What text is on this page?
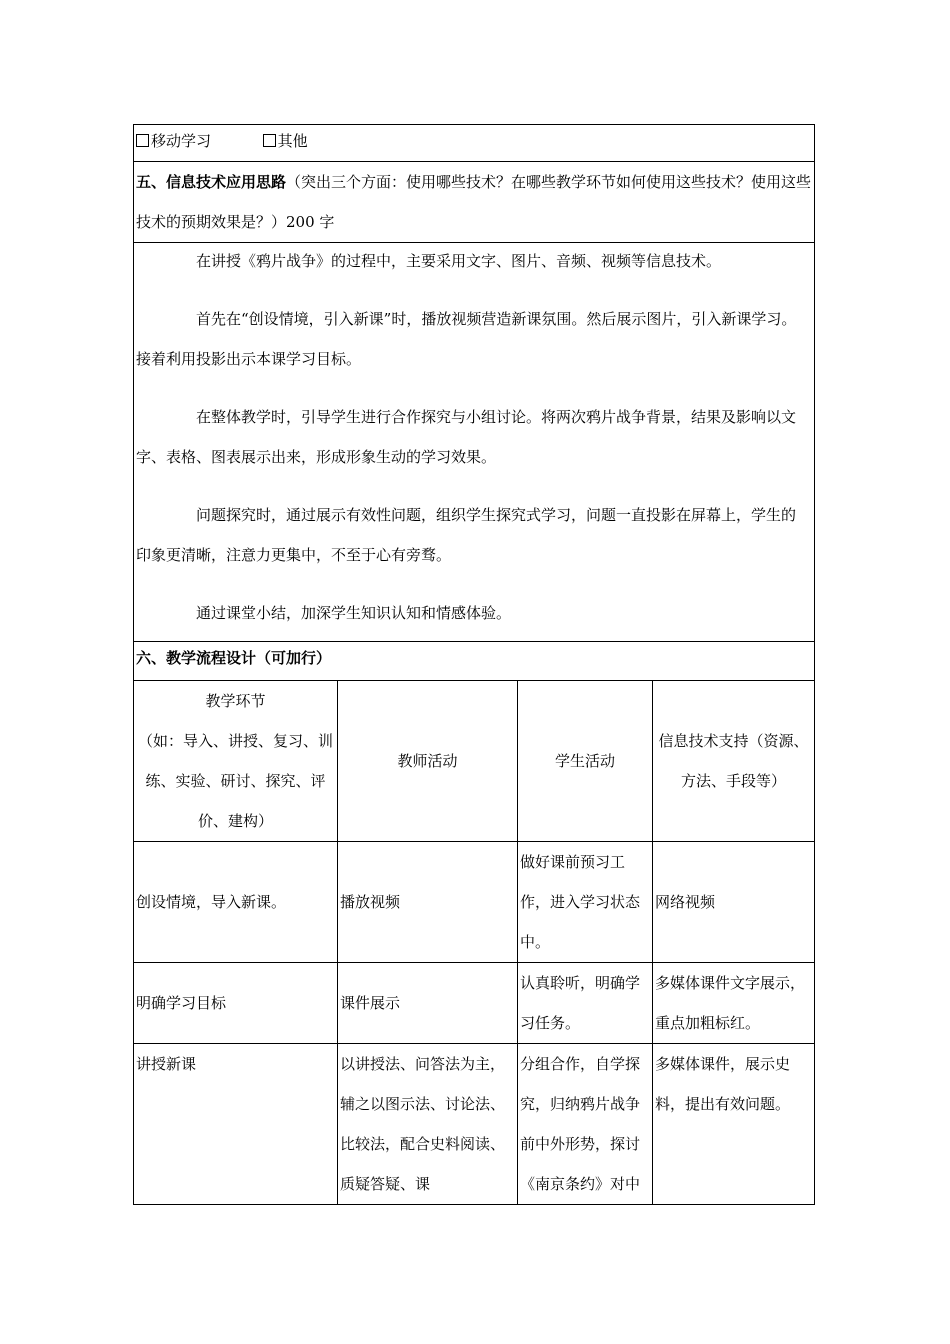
移动学习 其他			

五、信息技术应用思路（突出三个方面：使用哪些技术？在哪些教学环节如何使用这些技术？使用这些技术的预期效果是？）200 字			

在讲授《鸦片战争》的过程中，主要采用文字、图片、音频、视频等信息技术。

首先在“创设情境，引入新课”时，播放视频营造新课氛围。然后展示图片，引入新课学习。接着利用投影出示本课学习目标。

在整体教学时，引导学生进行合作探究与小组讨论。将两次鸦片战争背景，结果及影响以文字、表格、图表展示出来，形成形象生动的学习效果。

问题探究时，通过展示有效性问题，组织学生探究式学习，问题一直投影在屏幕上，学生的印象更清晰，注意力更集中，不至于心有旁骛。

通过课堂小结，加深学生知识认知和情感体验。			

六、教学流程设计（可加行）			

教学环节
（如：导入、讲授、复习、训练、实验、研讨、探究、评价、建构）	教师活动	学生活动	信息技术支持（资源、方法、手段等）

创设情境，导入新课。	播放视频	做好课前预习工作，进入学习状态中。	网络视频
明确学习目标	课件展示	认真聆听，明确学习任务。	多媒体课件文字展示，重点加粗标红。
讲授新课	以讲授法、问答法为主，辅之以图示法、讨论法、比较法，配合史料阅读、质疑答疑、课	分组合作，自学探究，归纳鸦片战争前中外形势，探讨《南京条约》对中	多媒体课件，展示史料，提出有效问题。
